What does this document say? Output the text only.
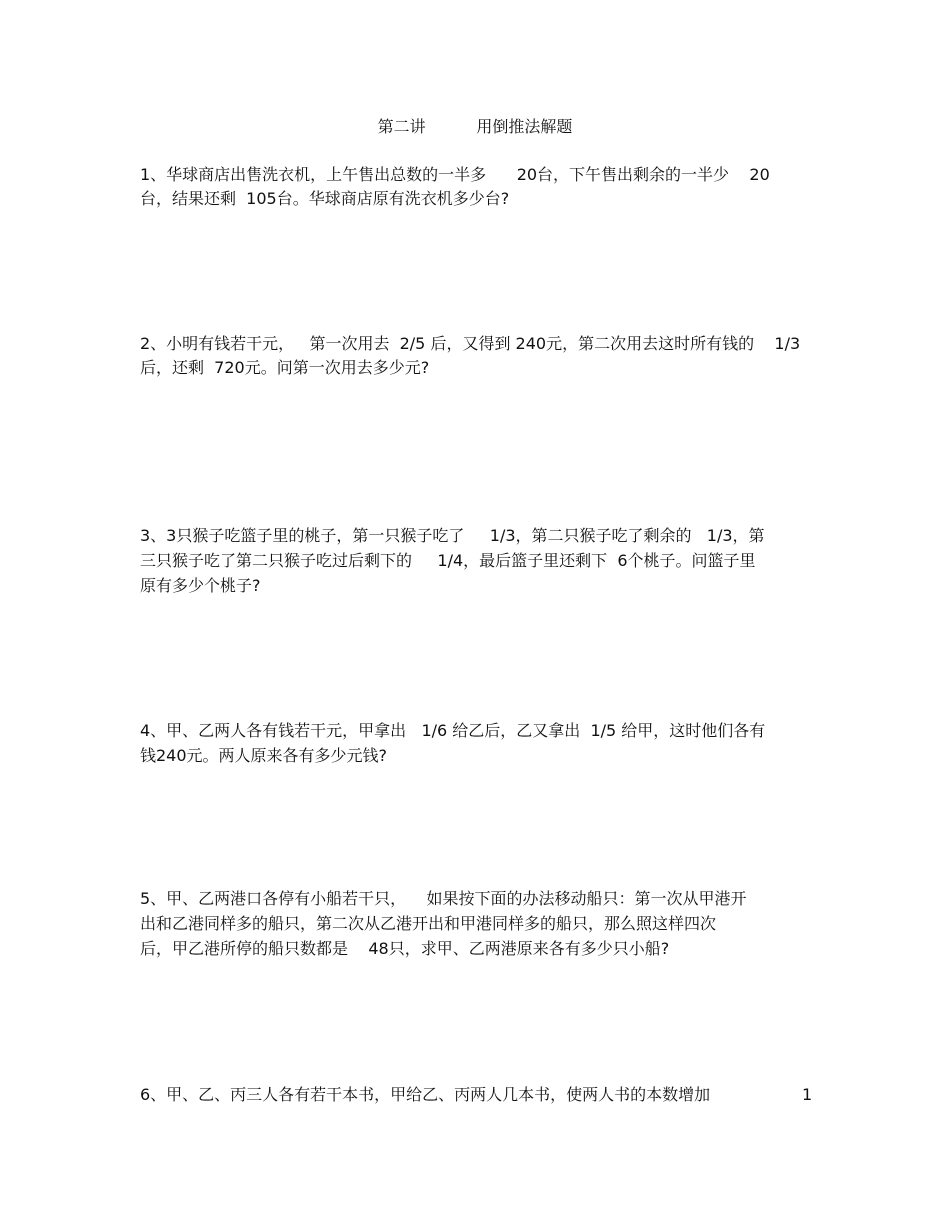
第二讲          用倒推法解题
1、华球商店出售洗衣机，上午售出总数的一半多      20台，下午售出剩余的一半少    20
台，结果还剩  105台。华球商店原有洗衣机多少台?
2、小明有钱若干元，   第一次用去  2/5 后，又得到 240元，第二次用去这时所有钱的    1/3
后，还剩  720元。问第一次用去多少元?
3、3只猴子吃篮子里的桃子，第一只猴子吃了     1/3，第二只猴子吃了剩余的   1/3，第
三只猴子吃了第二只猴子吃过后剩下的     1/4，最后篮子里还剩下  6个桃子。问篮子里
原有多少个桃子?
4、甲、乙两人各有钱若干元，甲拿出   1/6 给乙后，乙又拿出  1/5 给甲，这时他们各有
钱240元。两人原来各有多少元钱?
5、甲、乙两港口各停有小船若干只，    如果按下面的办法移动船只：第一次从甲港开
出和乙港同样多的船只，第二次从乙港开出和甲港同样多的船只，那么照这样四次
后，甲乙港所停的船只数都是    48只，求甲、乙两港原来各有多少只小船?
6、甲、乙、丙三人各有若干本书，甲给乙、丙两人几本书，使两人书的本数增加	1
